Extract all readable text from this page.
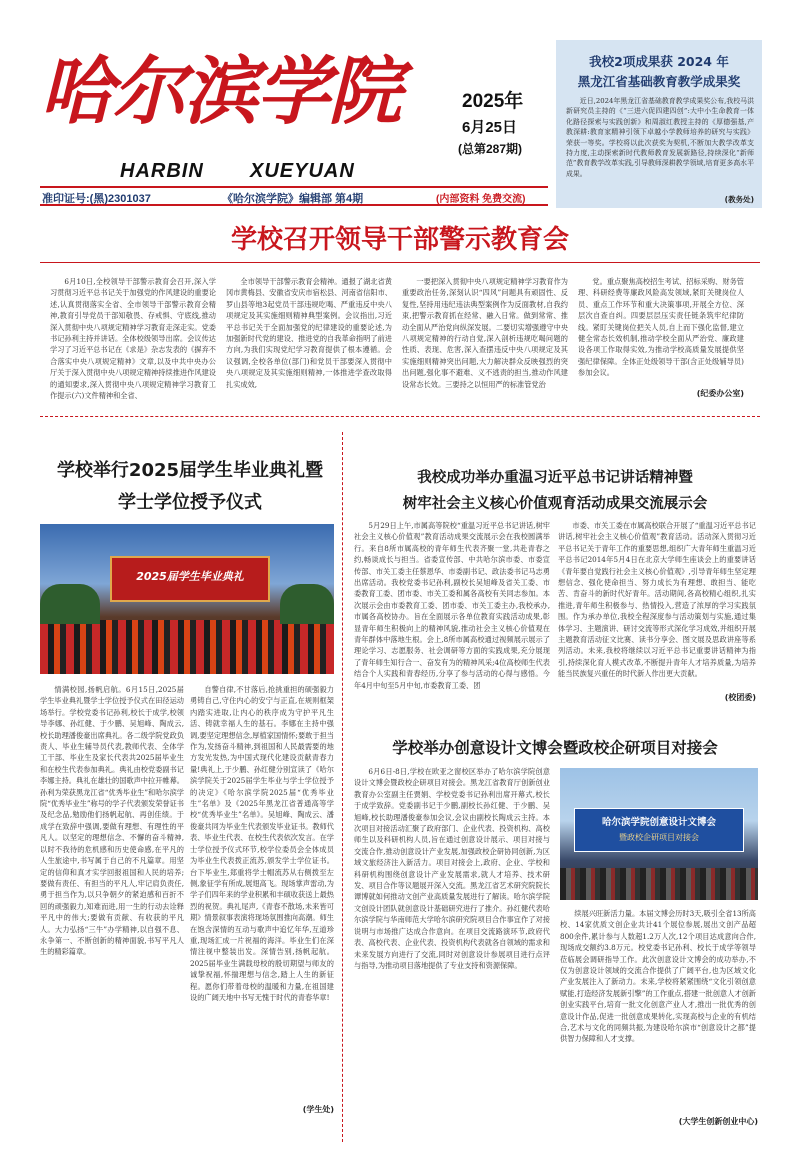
哈尔滨学院
HARBIN XUEYUAN
2025年
6月25日
(总第287期)
准印证号:(黑)2301037	《哈尔滨学院》编辑部 第4期	(内部资料 免费交流)
我校2项成果获 2024 年
黑龙江省基础教育教学成果奖

近日,2024年黑龙江省基础教育教学成果奖公布,我校马洪新研究员主持的《“三进六促四建四创”:大中小生命教育一体化路径探索与实践创新》和周淑红教授主持的《厚德强基,产教深耕:教育家精神引领下卓越小学教师培养的研究与实践》荣获一等奖。学校将以此次获奖为契机,不断加大教学改革支持力度,主动探索新时代教师教育发展新路径,持续深化“新师范”教育教学改革实践,引导教师深耕教学领域,培育更多高水平成果。

(教务处)
学校召开领导干部警示教育会

6月10日,全校领导干部警示教育会召开,深入学习贯彻习近平总书记关于加强党的作风建设的重要论述,认真贯彻落实全省、全市领导干部警示教育会精神,教育引导党员干部知敬畏、存戒惧、守底线,推动深入贯彻中央八项规定精神学习教育走深走实。党委书记孙利主持并讲话。全体校级领导出席。会议传达学习了习近平总书记在《求是》杂志发表的《摒弃不合落实中央八项规定精神》文章,以及中共中央办公厅关于深入贯彻中央八项规定精神持续推进作风建设的通知要求,深入贯彻中央八项规定精神学习教育工作提示(六)文件精神和全省、

全市领导干部警示教育会精神。通报了湖北省黄冈市黄梅县、安徽省安庆市宿松县、河南省信阳市、罗山县等地3起党员干部违规吃喝、严重违反中央八项规定及其实施细则精神典型案例。会议指出,习近平总书记关于全面加强党的纪律建设的重要论述,为加强新时代党的建设、推进党的自我革命指明了前进方向,为我们实现党纪学习教育提供了根本遵循。会议强调,全校各单位(部门)和党员干部要深入贯彻中央八项规定及其实施细则精神,一体推进学查改取得扎实成效,

一要把深入贯彻中央八项规定精神学习教育作为重要政治任务,深刻认识“四风”问题具有顽固性、反复性,坚持用违纪违法典型案例作为反面教材,自我约束,把警示教育抓在经常、融入日常。做到常常、推动全面从严治党向纵深发展。二要切实增强遵守中央八项规定精神的行动自觉,深入剖析违规吃喝问题的性质、表现、危害,深入查摆违反中央八项规定及其实施细则精神突出问题,大力解决群众反映强烈的突出问题,强化事不避难、义不逃责的担当,推动作风建设常态长效。三要持之以恒用严的标准管党治

党。重点聚焦高校招生考试、招标采购、财务管理、科研经费等廉政风险高发领域,紧盯关键岗位人员、重点工作环节和重大决策事项,开展全方位、深层次自查自纠。四要层层压实责任链条筑牢纪律防线。紧盯关键岗位把关人员,自上而下强化监督,建立健全常态长效机制,推动学校全面从严治党、廉政建设各项工作取得实效,为推动学校高质量发展提供坚强纪律保障。全体正处级领导干部(含正处级辅导员)参加会议。

(纪委办公室)
学校举行2025届学生毕业典礼暨
学士学位授予仪式
2025届学生毕业典礼

情满校园,扬帆启航。6月15日,2025届学生毕业典礼暨学士学位授予仪式在田径运动场举行。学校党委书记孙利,校长于成学,校领导李娜、孙红健、于少鹏、吴旭峰、陶成云,校长助理潘俊豪出席典礼。各二级学院党政负责人、毕业生辅导员代表,教师代表、全体学工干部、毕业生及家长代表共2025届毕业生和在校生代表参加典礼。典礼由校党委副书记李娜主持。典礼在雄壮的国歌声中拉开帷幕。孙利为荣获黑龙江省“优秀毕业生”和哈尔滨学院“优秀毕业生”称号的学子代表颁发荣誉证书及纪念品,勉励他们扬帆起航、再创佳绩。于成学在致辞中强调,要做有理想、有理性的平凡人。以坚定的理想信念、不懈的奋斗精神,以时不我待的危机感和历史使命感,在平凡的人生旅途中,书写属于自己的不凡篇章。用坚定的信仰和真才实学回报祖国和人民的培养;要做有责任、有担当的平凡人,牢记肩负责任,勇于担当作为,以只争朝夕的紧迫感和百折不回的顽强毅力,知难而进,用一生的行动去诠释平凡中的伟大;要做有贡献、有收获的平凡人。大力弘扬“三牛”办学精神,以自强不息、永争第一、不断创新的精神面貌,书写平凡人生的精彩篇章。

自警自律,不甘落后,抢挑重担的硕强毅力勇铸自己,守住内心的安宁与正直,在规则框架内踏实进取,让内心的秩序成为守护平凡生活、铸就幸福人生的基石。李娜在主持中强调,要坚定理想信念,厚植家国情怀;要敢于担当作为,发扬奋斗精神,到祖国和人民最需要的地方发光发热,为中国式现代化建设贡献青春力量!典礼上,于少鹏、孙红健分别宣读了《哈尔滨学院关于2025届学生毕业与学士学位授予的决定》《哈尔滨学院2025届“优秀毕业生”名单》及《2025年黑龙江省普通高等学校“优秀毕业生”名单》。吴旭峰、陶成云、潘俊豪共同为毕业生代表颁发毕业证书。教师代表、毕业生代表、在校生代表依次发言。在学士学位授予仪式环节,校学位委员会全体成员为毕业生代表拨正流苏,颁发学士学位证书。台下毕业生,郑重将学士帽流苏从右侧拨至左侧,象征学有所成,展翅高飞。现场掌声雷动,为学子们四年来的学业积累和丰硕收获送上最热烈的祝贺。典礼尾声,《青春不散场,未来皆可期》情景叙事表演将现场氛围推向高潮。师生在饱含深情的互动与歌声中追忆年华,互道珍重,现场汇成一片祝福的海洋。毕业生们在深情注视中整装出发。深情告别,扬帆起航。2025届毕业生满载母校的殷切期望与师友的诚挚祝福,怀揣理想与信念,踏上人生的新征程。愿你们带着母校的温暖和力量,在祖国建设的广阔天地中书写无愧于时代的青春华章!

(学生处)
我校成功举办重温习近平总书记讲话精神暨
树牢社会主义核心价值观育活动成果交流展示会

5月29日上午,市属高等院校“重温习近平总书记讲话,树牢社会主义核心价值观”教育活动成果交流展示会在我校圆满举行。来自8所市属高校的青年师生代表齐聚一堂,共赴青春之约,畅谈成长与担当。省委宣传部、中共哈尔滨市委、市委宣传部、市关工委主任蔡恩华、市委副书记、政法委书记马志勇出席活动。我校党委书记孙利,副校长吴旭峰及省关工委、市委教育工委、团市委、市关工委和属各高校有关同志参加。本次展示会由市委教育工委、团市委、市关工委主办,我校承办,市属各高校协办。旨在全面展示各单位教育实践活动成果,彰显青年师生积极向上的精神风貌,推动社会主义核心价值观在青年群体中落地生根。会上,8所市属高校通过视频展示展示了理论学习、志愿服务、社会调研等方面的实践成果,充分展现了青年师生知行合一、奋发有为的精神风采;4位高校师生代表结合个人实践和青春经历,分享了参与活动的心得与感悟。今年4月中旬至5月中旬,市委教育工委、团

市委、市关工委在市属高校联合开展了“重温习近平总书记讲话,树牢社会主义核心价值观”教育活动。活动深入贯彻习近平总书记关于青年工作的重要思想,组织广大青年师生重温习近平总书记2014年5月4日在北京大学师生座谈会上的重要讲话《青年要自觉践行社会主义核心价值观》,引导青年师生坚定理想信念、强化使命担当、努力成长为有理想、敢担当、能吃苦、肯奋斗的新时代好青年。活动期间,各高校精心组织,扎实推进,青年师生积极参与、热情投入,营造了浓厚的学习实践氛围。作为承办单位,我校全程深度参与活动策划与实施,通过集体学习、主题演讲、研讨交流等形式深化学习成效,并组织开展主题教育活动征文比赛、读书分享会、图文展及思政讲座等系列活动。未来,我校将继续以习近平总书记重要讲话精神为指引,持续深化育人模式改革,不断提升青年人才培养质量,为培养能当民族复兴重任的时代新人作出更大贡献。

(校团委)
学校举办创意设计文博会暨政校企研项目对接会

6月6日-8日,学校在欧亚之窗校区举办了哈尔滨学院创意设计文博会暨政校企研项目对接会。黑龙江省教育厅创新创业教育办公室副主任贾娟、学校党委书记孙利出席开幕式,校长于成学致辞。党委副书记于少鹏,副校长孙红健、于少鹏、吴旭峰,校长助理潘俊豪参加会议,会议由副校长陶成云主持。本次项目对接活动汇聚了政府部门、企业代表、投资机构、高校师生以及科研机构人员,旨在通过创意设计展示、项目对接与交流合作,推动创意设计产业发展,加强政校企研协同创新,为区域文旅经济注入新活力。项目对接会上,政府、企业、学校和科研机构围绕创意设计产业发展需求,就人才培养、技术研发、项目合作等议题展开深入交流。黑龙江省艺术研究院院长谭博就如何推动文创产业高质量发展进行了解读。哈尔滨学院文创设计团队就创意设计基础研究进行了推介。孙红健代表哈尔滨学院与华南师范大学哈尔滨研究院项目合作事宜作了对接说明与市场推广达成合作意向。在项目交流路演环节,政府代表、高校代表、企业代表、投资机构代表就各自领域的需求和未来发展方向进行了交流,同时对创意设计参展项目进行点评与指导,为推动项目落地提供了专业支持和资源保障。

哈尔滨学院创意设计文博会
暨政校企研项目对接会

续展兴旺新活力量。本届文博会历时3天,吸引全省13所高校、14家优质文创企业共计41个展位参展,展出文创产品超800余件,累计参与人数超1.2万人次,12个项目达成意向合作,现场成交额约3.8万元。校党委书记孙利、校长于成学等领导莅临展会调研指导工作。此次创意设计文博会的成功举办,不仅为创意设计领域的交流合作提供了广阔平台,也为区域文化产业发展注入了新动力。未来,学校将紧紧围绕“文化引领创意赋能,打造经济发展新引擎”的工作重点,搭建一批创意人才创新创业实践平台,培育一批文化创意产业人才,推出一批优秀的创意设计作品,促进一批创意成果转化,实现高校与企业的有机结合,艺术与文化的同频共振,为建设哈尔滨市“创意设计之都”提供智力保障和人才支撑。

(大学生创新创业中心)
